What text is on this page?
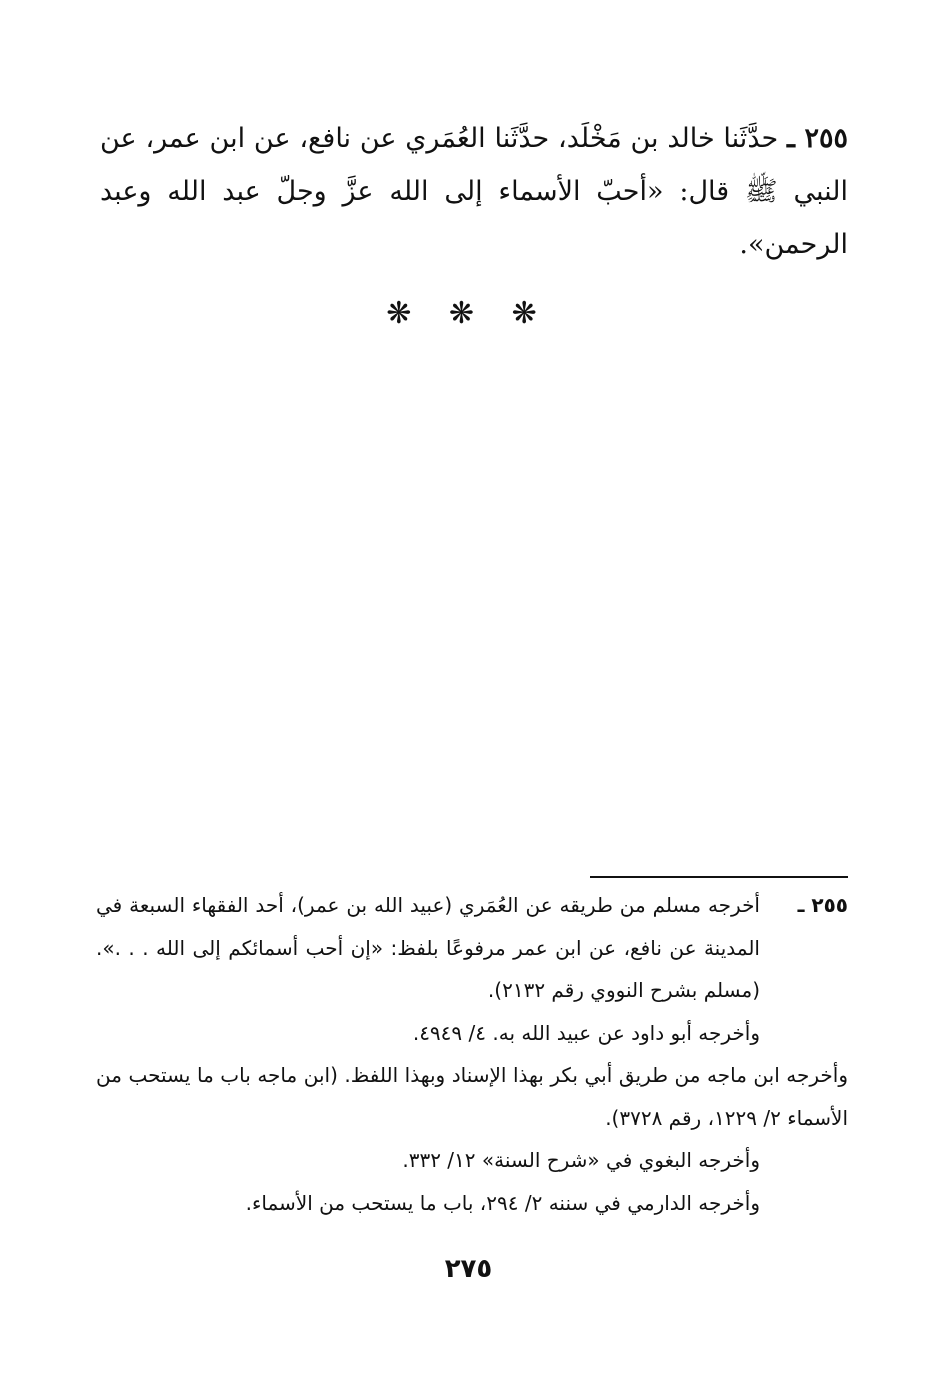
٢٥٥ ـ حدَّثَنا خالد بن مَخْلَد، حدَّثَنا العُمَري عن نافع، عن ابن عمر، عن النبي ﷺ قال: «أحبّ الأسماء إلى الله عزَّ وجلّ عبد الله وعبد الرحمن».
❋ ❋ ❋

٢٥٥ ـأخرجه مسلم من طريقه عن العُمَري (عبيد الله بن عمر)، أحد الفقهاء السبعة في المدينة عن نافع، عن ابن عمر مرفوعًا بلفظ: «إن أحب أسمائكم إلى الله . . .». (مسلم بشرح النووي رقم ٢١٣٢).

وأخرجه أبو داود عن عبيد الله به. ٤/ ٤٩٤٩.

وأخرجه ابن ماجه من طريق أبي بكر بهذا الإسناد وبهذا اللفظ. (ابن ماجه باب ما يستحب من الأسماء ٢/ ١٢٢٩، رقم ٣٧٢٨).

وأخرجه البغوي في «شرح السنة» ١٢/ ٣٣٢.

وأخرجه الدارمي في سننه ٢/ ٢٩٤، باب ما يستحب من الأسماء.

٢٧٥
